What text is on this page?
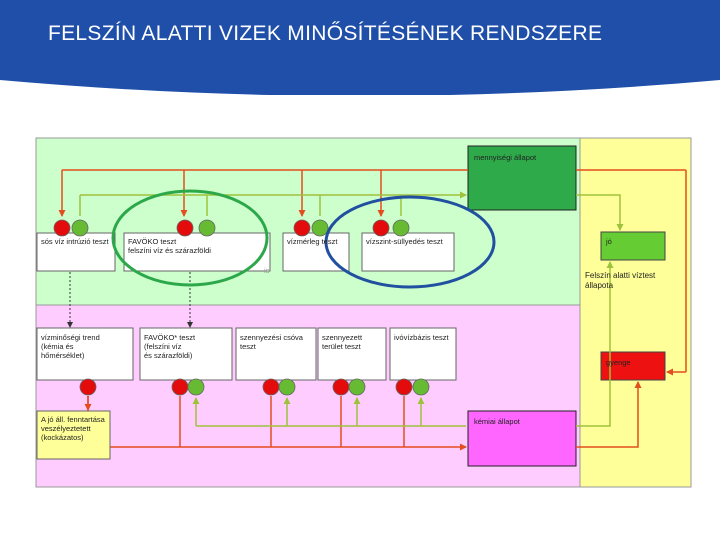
FELSZÍN ALATTI VIZEK MINŐSÍTÉSÉNEK RENDSZERE
mennyiségi állapot
kémiai állapot
jó
gyenge
Felszín alatti víztest
állapota
sós víz intrúzió teszt	FAVÖKO teszt
felszíni víz és szárazföldi
vízmérleg teszt	vízszint-süllyedés teszt
is
vízminőségi trend
(kémia és
hőmérséklet)
FAVÖKO* teszt
(felszíni víz
és szárazföldi)
szennyezési csóva
teszt
szennyezett
terület teszt
ivóvízbázis teszt
A jó áll. fenntartása
veszélyeztetett
(kockázatos)
